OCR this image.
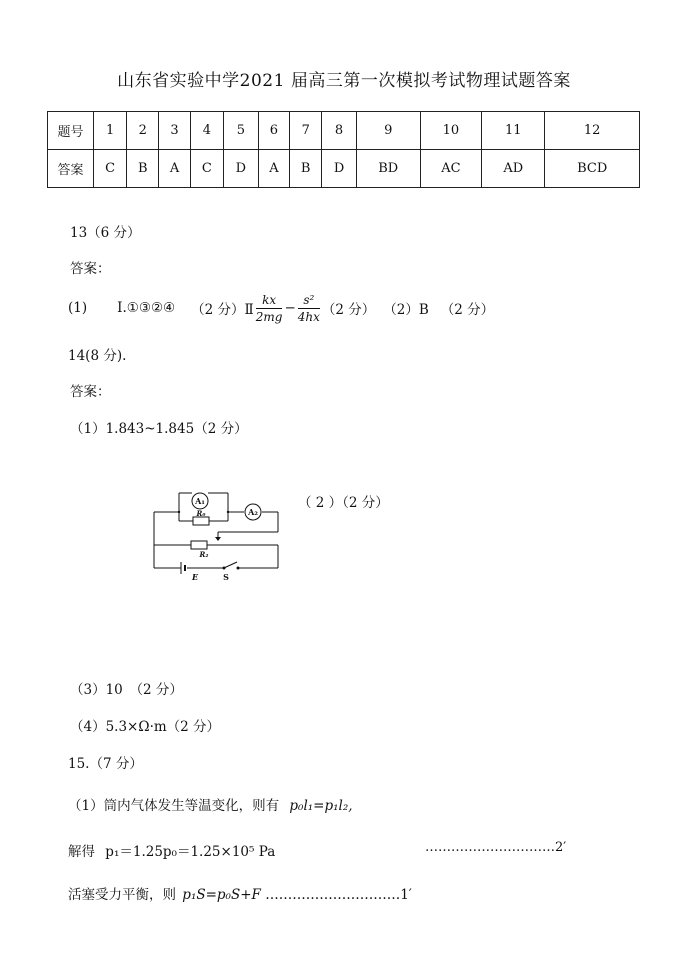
山东省实验中学2021 届高三第一次模拟考试物理试题答案
题号	1	2	3	4	5	6	7	8	9	10	11	12
答案	C	B	A	C	D	A	B	D	BD	AC	AD	BCD
13（6 分）
答案：
(1) Ⅰ.①③②④ （2 分）Ⅱ $\frac{kx}{2mg} - \frac{\text{s²}}{4hx} (2$ 分） （2）B （2 分）
14(8 分).
答案：
（1）1.843~1.845（2 分）
（ 2 ）（2 分）
A₁
A₂
R₀
R₂
E	S
（3）10　（2 分）
（4）5.3×Ω·m（2 分）
15.（7 分）
（1）筒内气体发生等温变化，则有 p₀l₁=p₁l₂,
解得 p₁＝1.25p₀＝1.25×10⁵ Pa	…………………………2′
活塞受力平衡，则 p₁S=p₀S+F …………………………1′
